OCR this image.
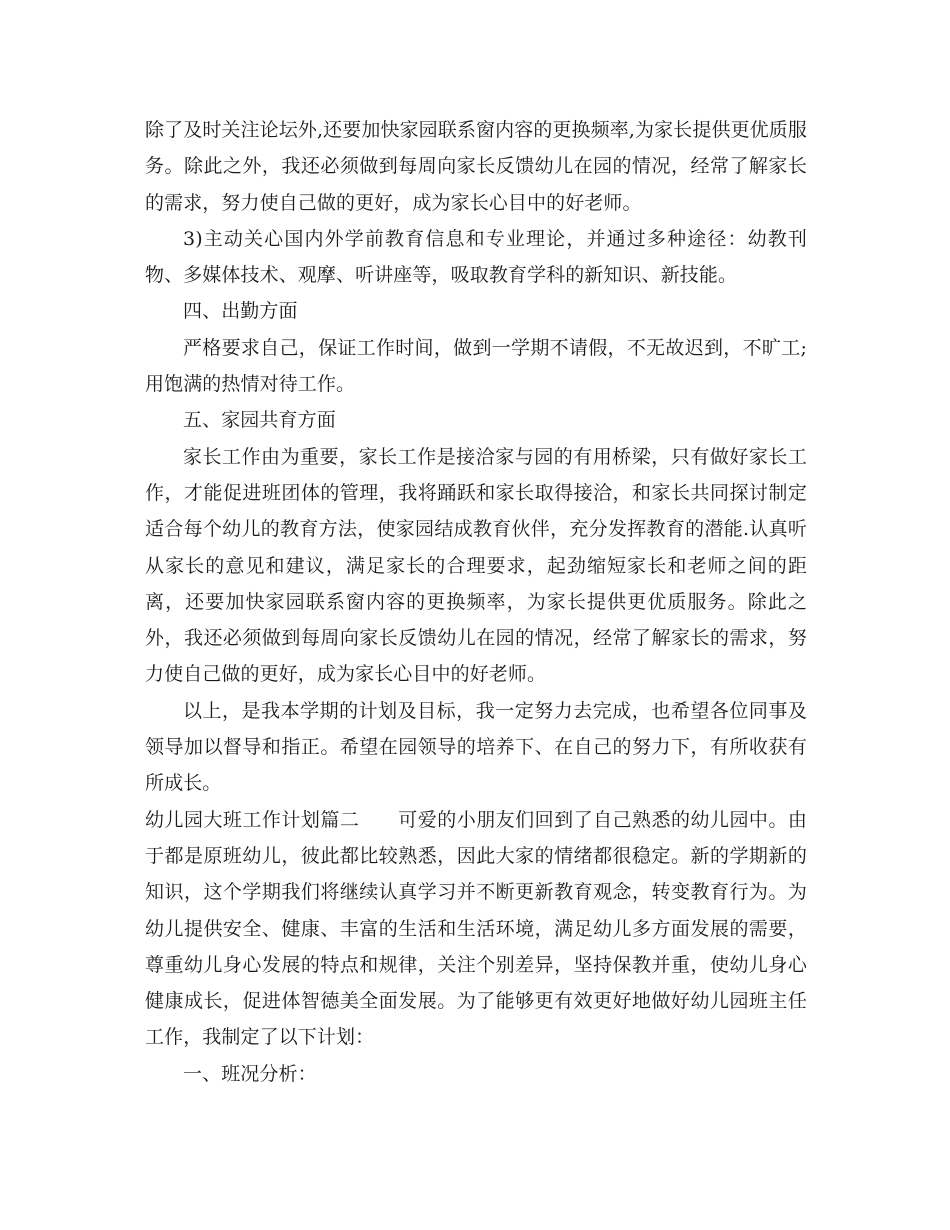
除了及时关注论坛外,还要加快家园联系窗内容的更换频率,为家长提供更优质服务。除此之外，我还必须做到每周向家长反馈幼儿在园的情况，经常了解家长的需求，努力使自己做的更好，成为家长心目中的好老师。

3)主动关心国内外学前教育信息和专业理论，并通过多种途径：幼教刊物、多媒体技术、观摩、听讲座等，吸取教育学科的新知识、新技能。

四、出勤方面

严格要求自己，保证工作时间，做到一学期不请假，不无故迟到，不旷工;用饱满的热情对待工作。

五、家园共育方面

家长工作由为重要，家长工作是接洽家与园的有用桥梁，只有做好家长工作，才能促进班团体的管理，我将踊跃和家长取得接洽，和家长共同探讨制定适合每个幼儿的教育方法，使家园结成教育伙伴，充分发挥教育的潜能.认真听从家长的意见和建议，满足家长的合理要求，起劲缩短家长和老师之间的距离，还要加快家园联系窗内容的更换频率，为家长提供更优质服务。除此之外，我还必须做到每周向家长反馈幼儿在园的情况，经常了解家长的需求，努力使自己做的更好，成为家长心目中的好老师。

以上，是我本学期的计划及目标，我一定努力去完成，也希望各位同事及领导加以督导和指正。希望在园领导的培养下、在自己的努力下，有所收获有所成长。

幼儿园大班工作计划篇二　　可爱的小朋友们回到了自己熟悉的幼儿园中。由于都是原班幼儿，彼此都比较熟悉，因此大家的情绪都很稳定。新的学期新的知识，这个学期我们将继续认真学习并不断更新教育观念，转变教育行为。为幼儿提供安全、健康、丰富的生活和生活环境，满足幼儿多方面发展的需要，尊重幼儿身心发展的特点和规律，关注个别差异，坚持保教并重，使幼儿身心健康成长，促进体智德美全面发展。为了能够更有效更好地做好幼儿园班主任工作，我制定了以下计划：

一、班况分析：
